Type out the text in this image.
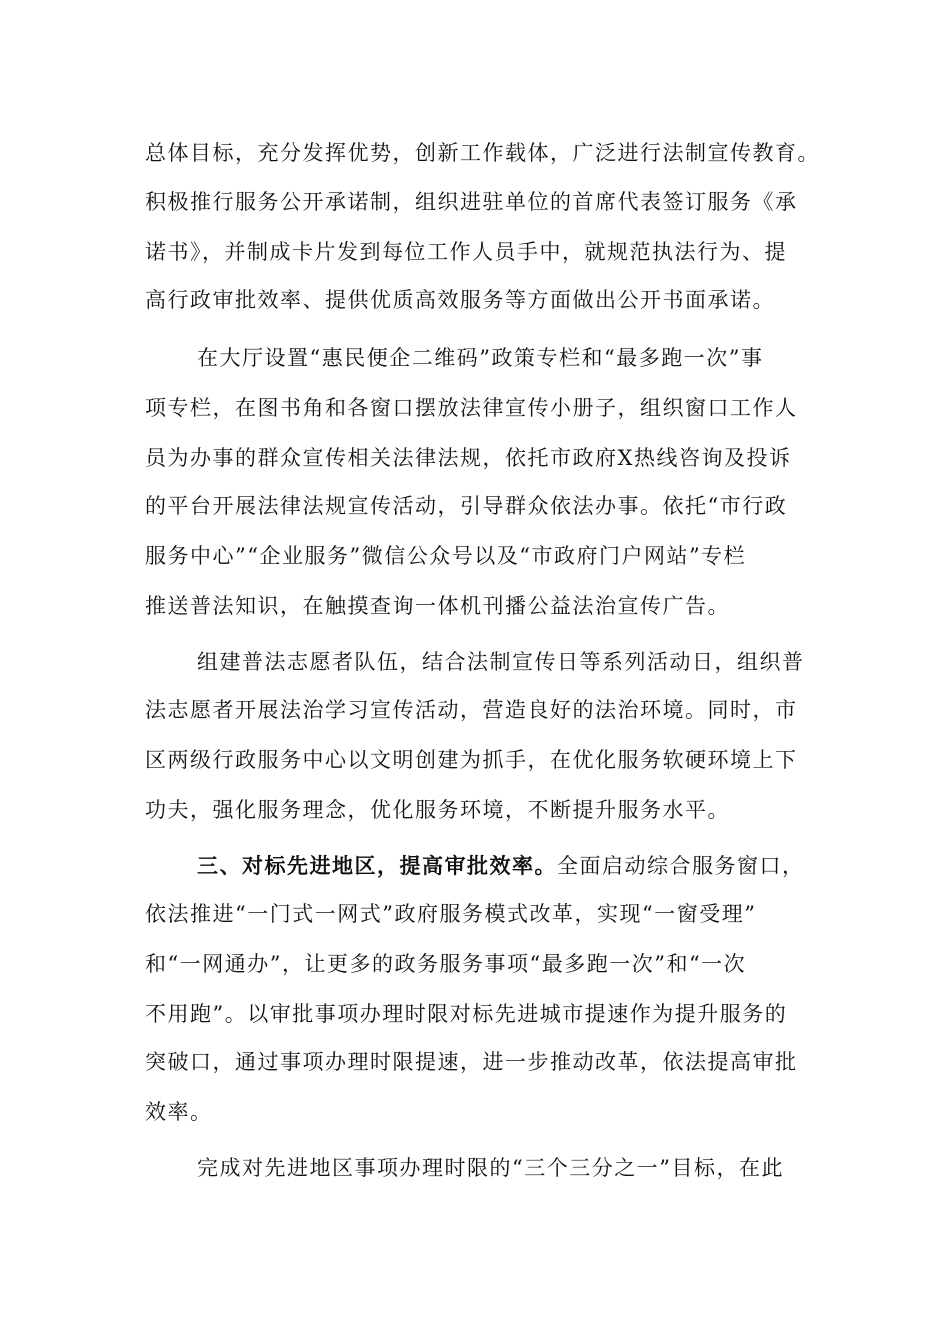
总体目标，充分发挥优势，创新工作载体，广泛进行法制宣传教育。
积极推行服务公开承诺制，组织进驻单位的首席代表签订服务《承
诺书》，并制成卡片发到每位工作人员手中，就规范执法行为、提
高行政审批效率、提供优质高效服务等方面做出公开书面承诺。
在大厅设置“惠民便企二维码”政策专栏和“最多跑一次”事
项专栏，在图书角和各窗口摆放法律宣传小册子，组织窗口工作人
员为办事的群众宣传相关法律法规，依托市政府X热线咨询及投诉
的平台开展法律法规宣传活动，引导群众依法办事。依托“市行政
服务中心”“企业服务”微信公众号以及“市政府门户网站”专栏
推送普法知识，在触摸查询一体机刊播公益法治宣传广告。
组建普法志愿者队伍，结合法制宣传日等系列活动日，组织普
法志愿者开展法治学习宣传活动，营造良好的法治环境。同时，市
区两级行政服务中心以文明创建为抓手，在优化服务软硬环境上下
功夫，强化服务理念，优化服务环境，不断提升服务水平。
三、对标先进地区，提高审批效率。全面启动综合服务窗口，
依法推进“一门式一网式”政府服务模式改革，实现“一窗受理”
和“一网通办”，让更多的政务服务事项“最多跑一次”和“一次
不用跑”。以审批事项办理时限对标先进城市提速作为提升服务的
突破口，通过事项办理时限提速，进一步推动改革，依法提高审批
效率。
完成对先进地区事项办理时限的“三个三分之一”目标，在此
